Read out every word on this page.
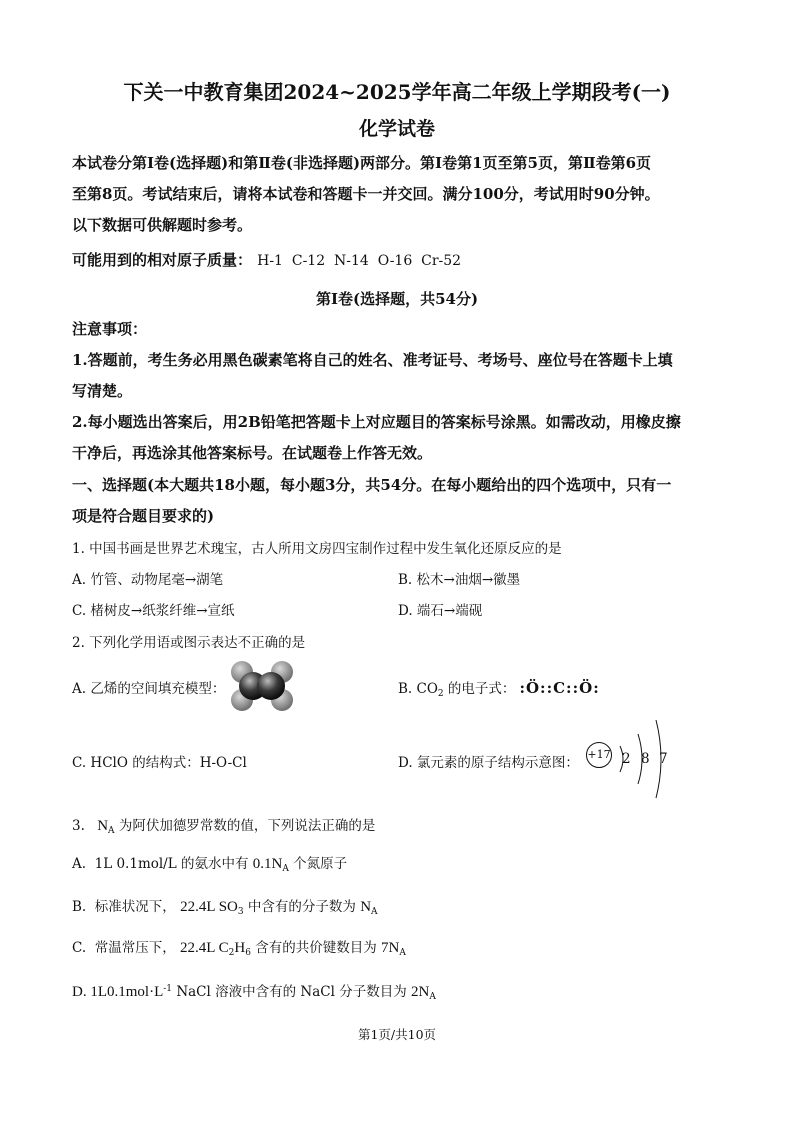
下关一中教育集团2024~2025学年高二年级上学期段考(一)
化学试卷
本试卷分第Ⅰ卷(选择题)和第Ⅱ卷(非选择题)两部分。第Ⅰ卷第1页至第5页，第Ⅱ卷第6页
至第8页。考试结束后，请将本试卷和答题卡一并交回。满分100分，考试用时90分钟。
以下数据可供解题时参考。
可能用到的相对原子质量： H-1  C-12  N-14  O-16  Cr-52
第Ⅰ卷(选择题，共54分)
注意事项：
1.答题前，考生务必用黑色碳素笔将自己的姓名、准考证号、考场号、座位号在答题卡上填
写清楚。
2.每小题选出答案后，用2B铅笔把答题卡上对应题目的答案标号涂黑。如需改动，用橡皮擦
干净后，再选涂其他答案标号。在试题卷上作答无效。
一、选择题(本大题共18小题，每小题3分，共54分。在每小题给出的四个选项中，只有一
项是符合题目要求的)
1. 中国书画是世界艺术瑰宝，古人所用文房四宝制作过程中发生氧化还原反应的是
A. 竹管、动物尾毫→湖笔	B. 松木→油烟→徽墨
C. 楮树皮→纸浆纤维→宣纸	D. 端石→端砚
2. 下列化学用语或图示表达不正确的是
A. 乙烯的空间填充模型：	B. $CO_2$ 的电子式： :Ö::C::Ö:
C. HClO 的结构式：H-O-Cl	D. 氯元素的原子结构示意图：
+17 2 8 7
3. $N_A$ 为阿伏加德罗常数的值，下列说法正确的是
A.  1L 0.1mol/L 的氨水中有 $0.1N_A$ 个氮原子
B.  标准状况下， 22.4L $SO_3$ 中含有的分子数为 $N_A$
C.  常温常压下， 22.4L $C_2H_6$ 含有的共价键数目为 $7N_A$
D. $1L0.1mol\cdot L^{-1}$ NaCl 溶液中含有的 NaCl 分子数目为 $2N_A$
第1页/共10页
